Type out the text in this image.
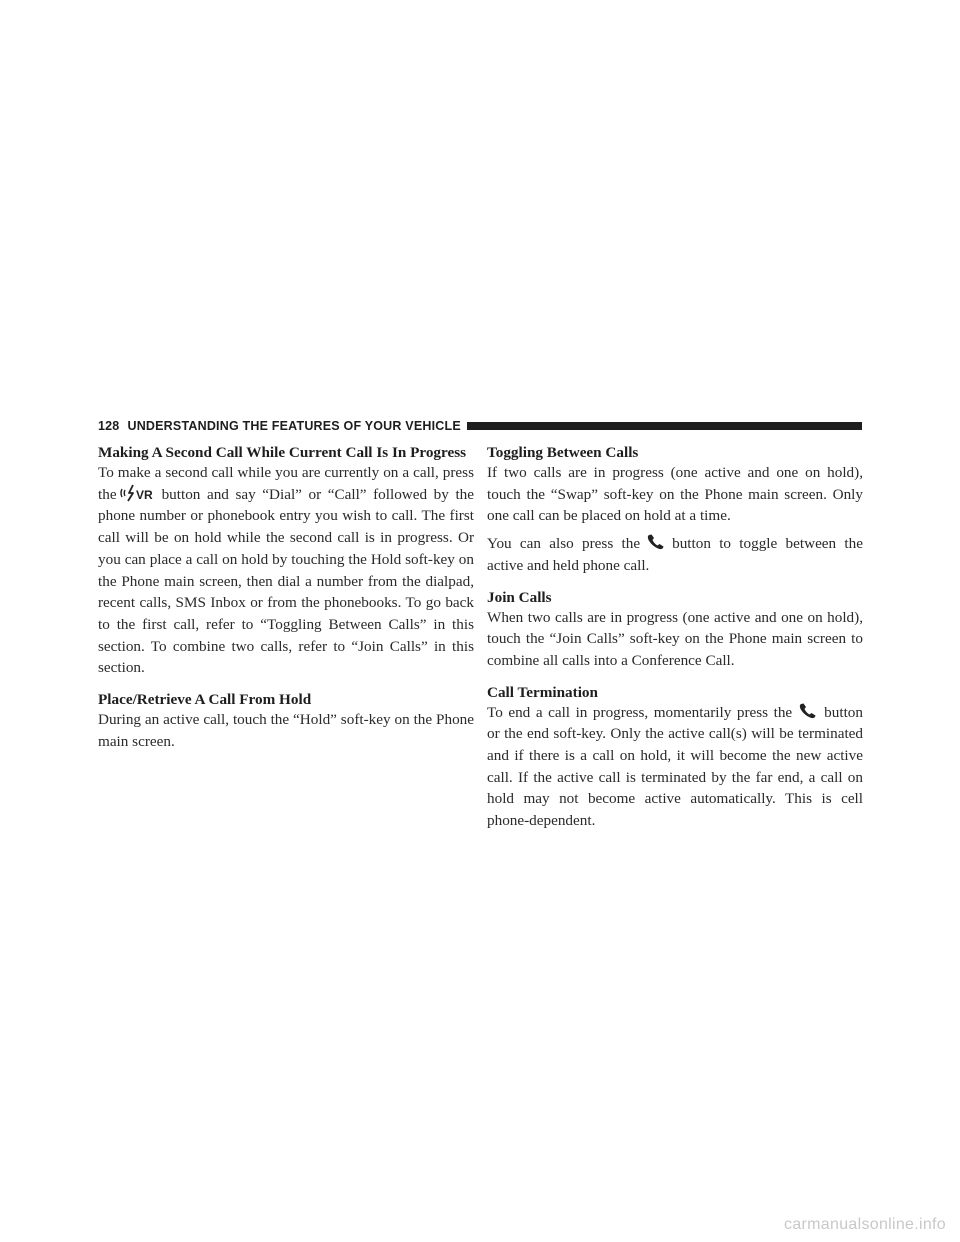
128 UNDERSTANDING THE FEATURES OF YOUR VEHICLE
Making A Second Call While Current Call Is In Progress

To make a second call while you are currently on a call, press the VR button and say “Dial” or “Call” followed by the phone number or phonebook entry you wish to call. The first call will be on hold while the second call is in progress. Or you can place a call on hold by touching the Hold soft-key on the Phone main screen, then dial a number from the dialpad, recent calls, SMS Inbox or from the phonebooks. To go back to the first call, refer to “Toggling Between Calls” in this section. To combine two calls, refer to “Join Calls” in this section.

Place/Retrieve A Call From Hold

During an active call, touch the “Hold” soft-key on the Phone main screen.

Toggling Between Calls

If two calls are in progress (one active and one on hold), touch the “Swap” soft-key on the Phone main screen. Only one call can be placed on hold at a time.

You can also press the button to toggle between the active and held phone call.

Join Calls

When two calls are in progress (one active and one on hold), touch the “Join Calls” soft-key on the Phone main screen to combine all calls into a Conference Call.

Call Termination

To end a call in progress, momentarily press the button or the end soft-key. Only the active call(s) will be terminated and if there is a call on hold, it will become the new active call. If the active call is terminated by the far end, a call on hold may not become active automatically. This is cell phone-dependent.

carmanualsonline.info
